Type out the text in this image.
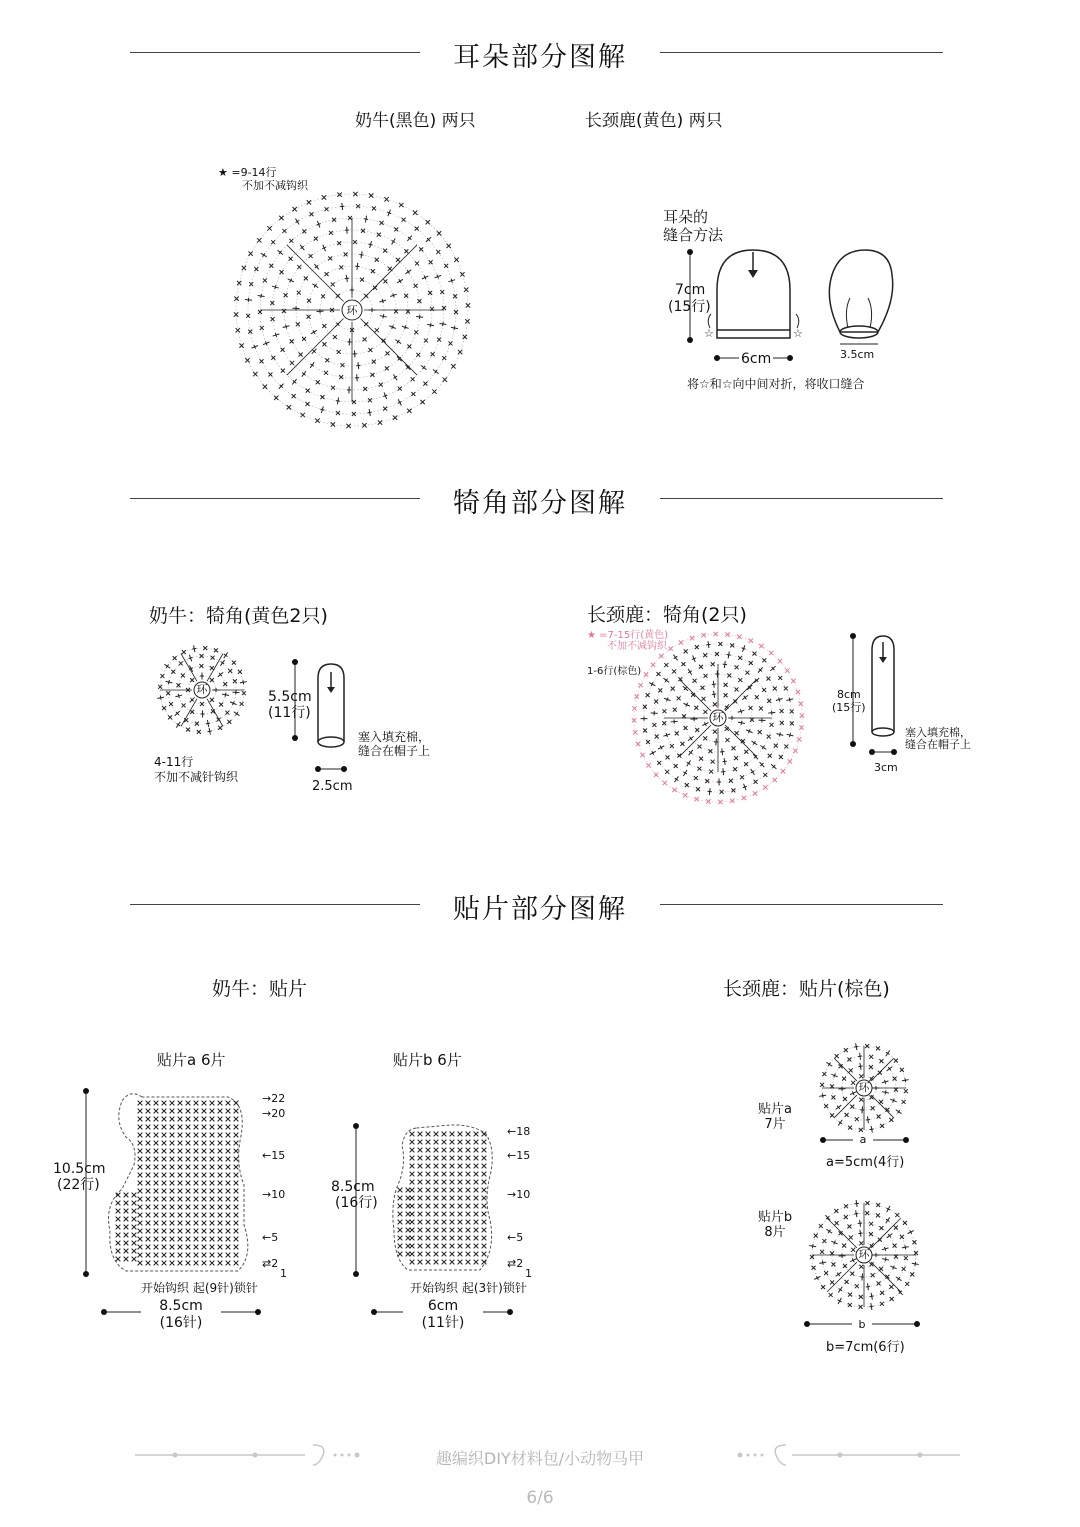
耳朵部分图解
奶牛(黑色) 两只	长颈鹿(黄色) 两只
★ =9-14行
不加不减钩织
环
耳朵的
缝合方法
☆	☆
7cm
(15行)
6cm	3.5cm
将☆和☆向中间对折，将收口缝合
犄角部分图解
奶牛：犄角(黄色2只)	长颈鹿：犄角(2只)
环
4-11行
不加不减针钩织
5.5cm
(11行)
塞入填充棉，
缝合在帽子上
2.5cm
★ =7-15行(黄色)
不加不减钩织
1-6行(棕色)
环
8cm
(15行)
塞入填充棉，
缝合在帽子上
3cm
贴片部分图解
奶牛：贴片	长颈鹿：贴片(棕色)
贴片a 6片
10.5cm
(22行)
→22
→20
←15
→10
←5
⇄2
1
开始钩织 起(9针)锁针
8.5cm
(16针)
贴片b 6片
8.5cm
(16行)
←18
←15
→10
←5
⇄2
1
开始钩织 起(3针)锁针
6cm
(11针)
贴片a
7片
环
a
a=5cm(4行)
贴片b
8片
环
b
b=7cm(6行)
趣编织DIY材料包/小动物马甲
6/6
